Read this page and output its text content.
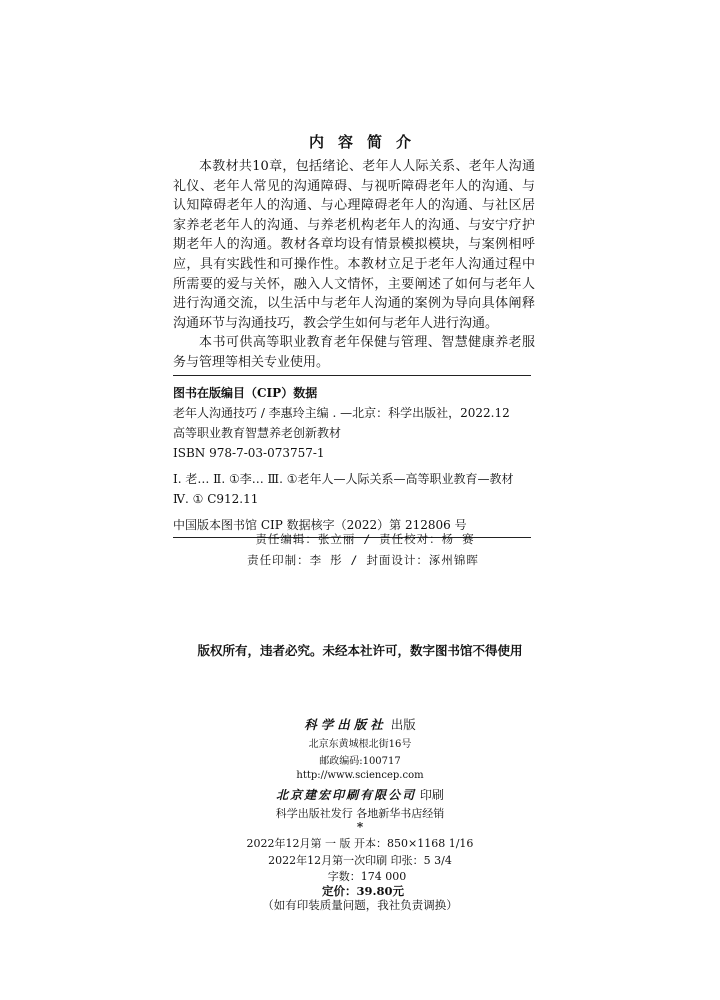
内容简介

本教材共10章，包括绪论、老年人人际关系、老年人沟通礼仪、老年人常见的沟通障碍、与视听障碍老年人的沟通、与认知障碍老年人的沟通、与心理障碍老年人的沟通、与社区居家养老老年人的沟通、与养老机构老年人的沟通、与安宁疗护期老年人的沟通。教材各章均设有情景模拟模块，与案例相呼应，具有实践性和可操作性。本教材立足于老年人沟通过程中所需要的爱与关怀，融入人文情怀，主要阐述了如何与老年人进行沟通交流，以生活中与老年人沟通的案例为导向具体阐释沟通环节与沟通技巧，教会学生如何与老年人进行沟通。

本书可供高等职业教育老年保健与管理、智慧健康养老服务与管理等相关专业使用。

图书在版编目（CIP）数据
老年人沟通技巧 / 李惠玲主编 . —北京：科学出版社，2022.12
高等职业教育智慧养老创新教材
ISBN 978-7-03-073757-1
Ⅰ. 老… Ⅱ. ①李… Ⅲ. ①老年人—人际关系—高等职业教育—教材 Ⅳ. ① C912.11
中国版本图书馆 CIP 数据核字（2022）第 212806 号
责任编辑：张立丽 / 责任校对：杨 赛
责任印制：李 彤 / 封面设计：涿州锦晖
版权所有，违者必究。未经本社许可，数字图书馆不得使用
科学出版社 出版
北京东黄城根北街16号
邮政编码:100717
http://www.sciencep.com
北京建宏印刷有限公司 印刷
科学出版社发行 各地新华书店经销
*
2022年12月第 一 版 开本：850×1168 1/16
2022年12月第一次印刷 印张：5 3/4
字数：174 000
定价：39.80元
（如有印装质量问题，我社负责调换）
